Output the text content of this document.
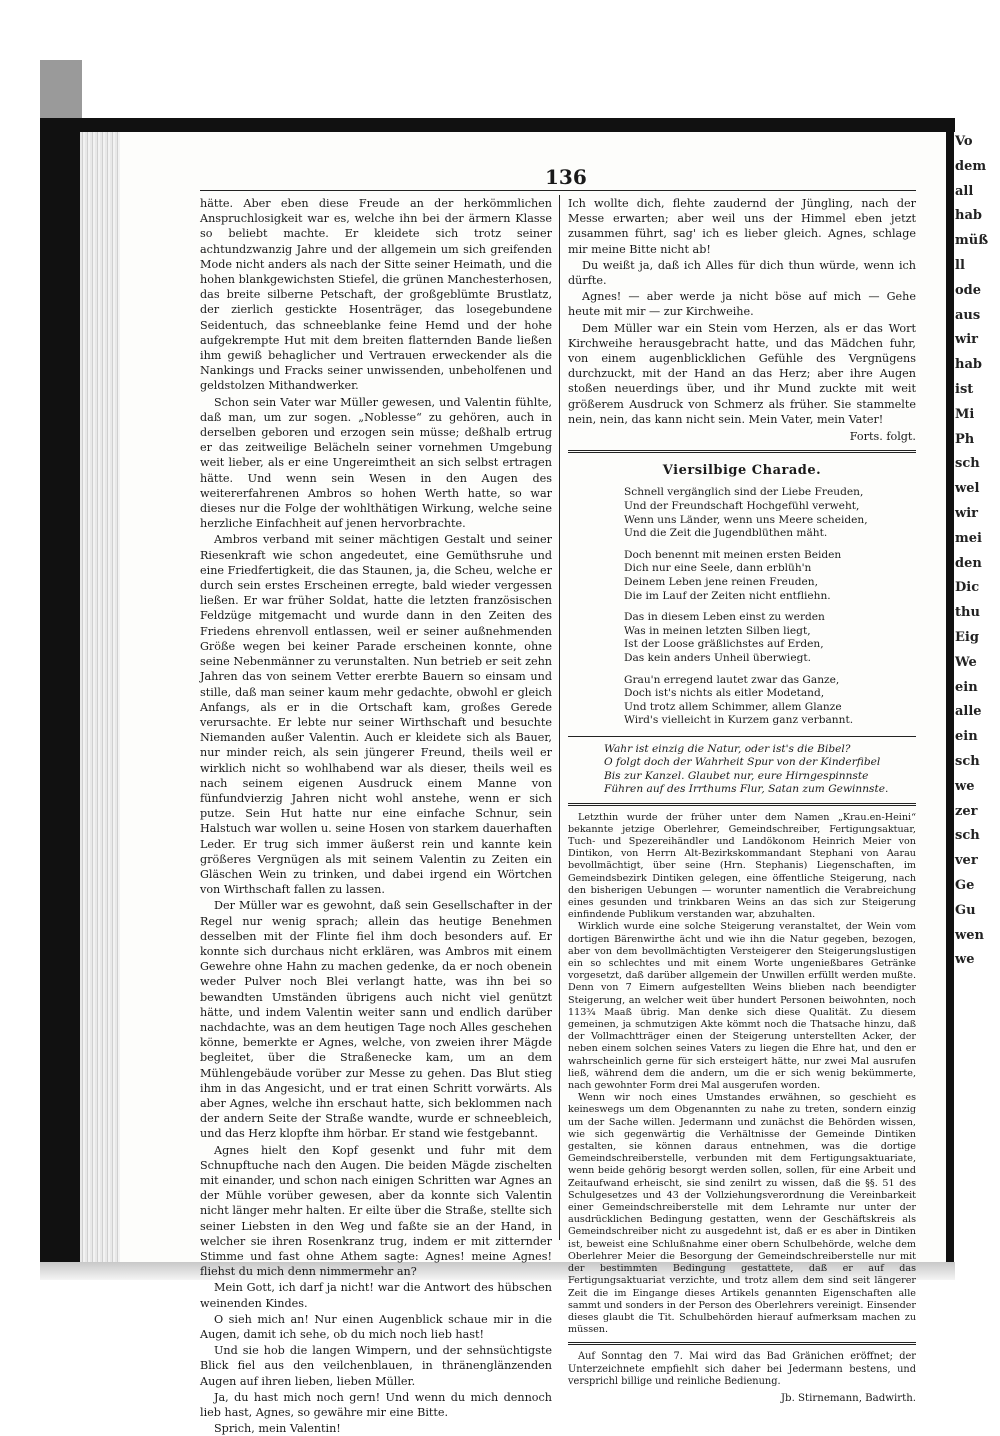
136

hätte. Aber eben diese Freude an der herkömmlichen Anspruchlosigkeit war es, welche ihn bei der ärmern Klasse so beliebt machte. Er kleidete sich trotz seiner achtundzwanzig Jahre und der allgemein um sich greifenden Mode nicht anders als nach der Sitte seiner Heimath, und die hohen blankgewichsten Stiefel, die grünen Manchesterhosen, das breite silberne Petschaft, der großgeblümte Brustlatz, der zierlich gestickte Hosenträger, das losegebundene Seidentuch, das schneeblanke feine Hemd und der hohe aufgekrempte Hut mit dem breiten flatternden Bande ließen ihm gewiß behaglicher und Vertrauen erweckender als die Nankings und Fracks seiner unwissenden, unbeholfenen und geldstolzen Mithandwerker.

Schon sein Vater war Müller gewesen, und Valentin fühlte, daß man, um zur sogen. „Noblesse“ zu gehören, auch in derselben geboren und erzogen sein müsse; deßhalb ertrug er das zeitweilige Belächeln seiner vornehmen Umgebung weit lieber, als er eine Ungereimtheit an sich selbst ertragen hätte. Und wenn sein Wesen in den Augen des weitererfahrenen Ambros so hohen Werth hatte, so war dieses nur die Folge der wohlthätigen Wirkung, welche seine herzliche Einfachheit auf jenen hervorbrachte.

Ambros verband mit seiner mächtigen Gestalt und seiner Riesenkraft wie schon angedeutet, eine Gemüthsruhe und eine Friedfertigkeit, die das Staunen, ja, die Scheu, welche er durch sein erstes Erscheinen erregte, bald wieder vergessen ließen. Er war früher Soldat, hatte die letzten französischen Feldzüge mitgemacht und wurde dann in den Zeiten des Friedens ehrenvoll entlassen, weil er seiner außnehmenden Größe wegen bei keiner Parade erscheinen konnte, ohne seine Nebenmänner zu verunstalten. Nun betrieb er seit zehn Jahren das von seinem Vetter ererbte Bauern so einsam und stille, daß man seiner kaum mehr gedachte, obwohl er gleich Anfangs, als er in die Ortschaft kam, großes Gerede verursachte. Er lebte nur seiner Wirthschaft und besuchte Niemanden außer Valentin. Auch er kleidete sich als Bauer, nur minder reich, als sein jüngerer Freund, theils weil er wirklich nicht so wohlhabend war als dieser, theils weil es nach seinem eigenen Ausdruck einem Manne von fünfundvierzig Jahren nicht wohl anstehe, wenn er sich putze. Sein Hut hatte nur eine einfache Schnur, sein Halstuch war wollen u. seine Hosen von starkem dauerhaften Leder. Er trug sich immer äußerst rein und kannte kein größeres Vergnügen als mit seinem Valentin zu Zeiten ein Gläschen Wein zu trinken, und dabei irgend ein Wörtchen von Wirthschaft fallen zu lassen.

Der Müller war es gewohnt, daß sein Gesellschafter in der Regel nur wenig sprach; allein das heutige Benehmen desselben mit der Flinte fiel ihm doch besonders auf. Er konnte sich durchaus nicht erklären, was Ambros mit einem Gewehre ohne Hahn zu machen gedenke, da er noch obenein weder Pulver noch Blei verlangt hatte, was ihn bei so bewandten Umständen übrigens auch nicht viel genützt hätte, und indem Valentin weiter sann und endlich darüber nachdachte, was an dem heutigen Tage noch Alles geschehen könne, bemerkte er Agnes, welche, von zweien ihrer Mägde begleitet, über die Straßenecke kam, um an dem Mühlengebäude vorüber zur Messe zu gehen. Das Blut stieg ihm in das Angesicht, und er trat einen Schritt vorwärts. Als aber Agnes, welche ihn erschaut hatte, sich beklommen nach der andern Seite der Straße wandte, wurde er schneebleich, und das Herz klopfte ihm hörbar. Er stand wie festgebannt.

Agnes hielt den Kopf gesenkt und fuhr mit dem Schnupftuche nach den Augen. Die beiden Mägde zischelten mit einander, und schon nach einigen Schritten war Agnes an der Mühle vorüber gewesen, aber da konnte sich Valentin nicht länger mehr halten. Er eilte über die Straße, stellte sich seiner Liebsten in den Weg und faßte sie an der Hand, in welcher sie ihren Rosenkranz trug, indem er mit zitternder Stimme und fast ohne Athem sagte: Agnes! meine Agnes! fliehst du mich denn nimmermehr an?

Mein Gott, ich darf ja nicht! war die Antwort des hübschen weinenden Kindes.

O sieh mich an! Nur einen Augenblick schaue mir in die Augen, damit ich sehe, ob du mich noch lieb hast!

Und sie hob die langen Wimpern, und der sehnsüchtigste Blick fiel aus den veilchenblauen, in thränenglänzenden Augen auf ihren lieben, lieben Müller.

Ja, du hast mich noch gern! Und wenn du mich dennoch lieb hast, Agnes, so gewähre mir eine Bitte.

Sprich, mein Valentin!

Ich wollte dich, flehte zaudernd der Jüngling, nach der Messe erwarten; aber weil uns der Himmel eben jetzt zusammen führt, sag' ich es lieber gleich. Agnes, schlage mir meine Bitte nicht ab!

Du weißt ja, daß ich Alles für dich thun würde, wenn ich dürfte.

Agnes! — aber werde ja nicht böse auf mich — Gehe heute mit mir — zur Kirchweihe.

Dem Müller war ein Stein vom Herzen, als er das Wort Kirchweihe herausgebracht hatte, und das Mädchen fuhr, von einem augenblicklichen Gefühle des Vergnügens durchzuckt, mit der Hand an das Herz; aber ihre Augen stoßen neuerdings über, und ihr Mund zuckte mit weit größerem Ausdruck von Schmerz als früher. Sie stammelte nein, nein, das kann nicht sein. Mein Vater, mein Vater!

Forts. folgt.
Viersilbige Charade.
Schnell vergänglich sind der Liebe Freuden,
Und der Freundschaft Hochgefühl verweht,
Wenn uns Länder, wenn uns Meere scheiden,
Und die Zeit die Jugendblüthen mäht.
Doch benennt mit meinen ersten Beiden
Dich nur eine Seele, dann erblüh'n
Deinem Leben jene reinen Freuden,
Die im Lauf der Zeiten nicht entfliehn.
Das in diesem Leben einst zu werden
Was in meinen letzten Silben liegt,
Ist der Loose gräßlichstes auf Erden,
Das kein anders Unheil überwiegt.
Grau'n erregend lautet zwar das Ganze,
Doch ist's nichts als eitler Modetand,
Und trotz allem Schimmer, allem Glanze
Wird's vielleicht in Kurzem ganz verbannt.
Wahr ist einzig die Natur, oder ist's die Bibel?
O folgt doch der Wahrheit Spur von der Kinderfibel
Bis zur Kanzel. Glaubet nur, eure Hirngespinnste
Führen auf des Irrthums Flur, Satan zum Gewinnste.

Letzthin wurde der früher unter dem Namen „Krau.en-Heini“ bekannte jetzige Oberlehrer, Gemeindschreiber, Fertigungsaktuar, Tuch- und Spezereihändler und Landökonom Heinrich Meier von Dintikon, von Herrn Alt-Bezirkskommandant Stephani von Aarau bevollmächtigt, über seine (Hrn. Stephanis) Liegenschaften, im Gemeindsbezirk Dintiken gelegen, eine öffentliche Steigerung, nach den bisherigen Uebungen — worunter namentlich die Verabreichung eines gesunden und trinkbaren Weins an das sich zur Steigerung einfindende Publikum verstanden war, abzuhalten.

Wirklich wurde eine solche Steigerung veranstaltet, der Wein vom dortigen Bärenwirthe ächt und wie ihn die Natur gegeben, bezogen, aber von dem bevollmächtigten Versteigerer den Steigerungslustigen ein so schlechtes und mit einem Worte ungenießbares Getränke vorgesetzt, daß darüber allgemein der Unwillen erfüllt werden mußte. Denn von 7 Eimern aufgestellten Weins blieben nach beendigter Steigerung, an welcher weit über hundert Personen beiwohnten, noch 113¾ Maaß übrig. Man denke sich diese Qualität. Zu diesem gemeinen, ja schmutzigen Akte kömmt noch die Thatsache hinzu, daß der Vollmachtträger einen der Steigerung unterstellten Acker, der neben einem solchen seines Vaters zu liegen die Ehre hat, und den er wahrscheinlich gerne für sich ersteigert hätte, nur zwei Mal ausrufen ließ, während dem die andern, um die er sich wenig bekümmerte, nach gewohnter Form drei Mal ausgerufen worden.

Wenn wir noch eines Umstandes erwähnen, so geschieht es keineswegs um dem Obgenannten zu nahe zu treten, sondern einzig um der Sache willen. Jedermann und zunächst die Behörden wissen, wie sich gegenwärtig die Verhältnisse der Gemeinde Dintiken gestalten, sie können daraus entnehmen, was die dortige Gemeindschreiberstelle, verbunden mit dem Fertigungsaktuariate, wenn beide gehörig besorgt werden sollen, sollen, für eine Arbeit und Zeitaufwand erheischt, sie sind zenilrt zu wissen, daß die §§. 51 des Schulgesetzes und 43 der Vollziehungsverordnung die Vereinbarkeit einer Gemeindschreiberstelle mit dem Lehramte nur unter der ausdrücklichen Bedingung gestatten, wenn der Geschäftskreis als Gemeindschreiber nicht zu ausgedehnt ist, daß er es aber in Dintiken ist, beweist eine Schlußnahme einer obern Schulbehörde, welche dem Oberlehrer Meier die Besorgung der Gemeindschreiberstelle nur mit der bestimmten Bedingung gestattete, daß er auf das Fertigungsaktuariat verzichte, und trotz allem dem sind seit längerer Zeit die im Eingange dieses Artikels genannten Eigenschaften alle sammt und sonders in der Person des Oberlehrers vereinigt. Einsender dieses glaubt die Tit. Schulbehörden hierauf aufmerksam machen zu müssen.

Auf Sonntag den 7. Mai wird das Bad Gränichen eröffnet; der Unterzeichnete empfiehlt sich daher bei Jedermann bestens, und versprichl billige und reinliche Bedienung.

Jb. Stirnemann, Badwirth.
Vo
dem
all
hab
müß
ll
ode
aus
wir
hab
ist
Mi
Ph
sch
wel
wir
mei
den
Dic
thu
Eig
We
ein
alle
ein
sch
we
zer
sch
ver
Ge
Gu
wen
we
